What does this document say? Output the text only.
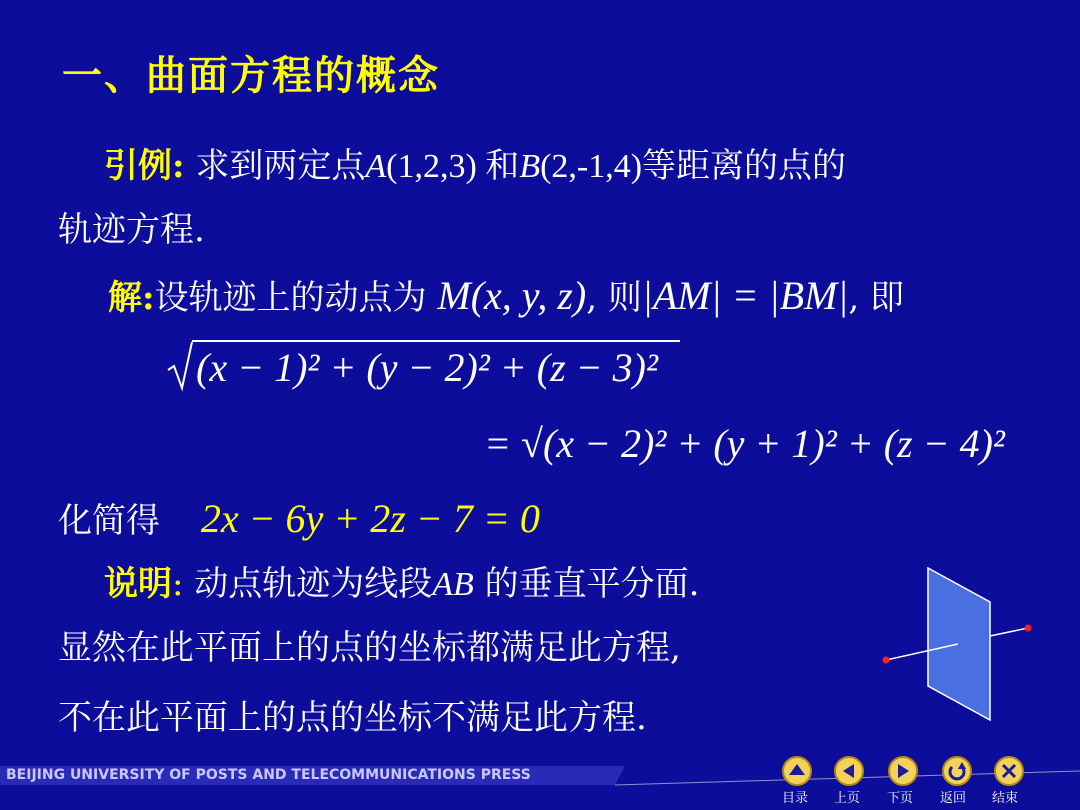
一、曲面方程的概念
引例: 求到两定点A(1,2,3) 和B(2,-1,4)等距离的点的
轨迹方程.
解:设轨迹上的动点为 M(x, y, z), 则|AM| = |BM|, 即
(x − 1)² + (y − 2)² + (z − 3)²
= √(x − 2)² + (y + 1)² + (z − 4)²
化简得 2x − 6y + 2z − 7 = 0
说明: 动点轨迹为线段AB 的垂直平分面.
显然在此平面上的点的坐标都满足此方程,
不在此平面上的点的坐标不满足此方程.
BEIJING UNIVERSITY OF POSTS AND TELECOMMUNICATIONS PRESS
目录 上页 下页 返回 结束
